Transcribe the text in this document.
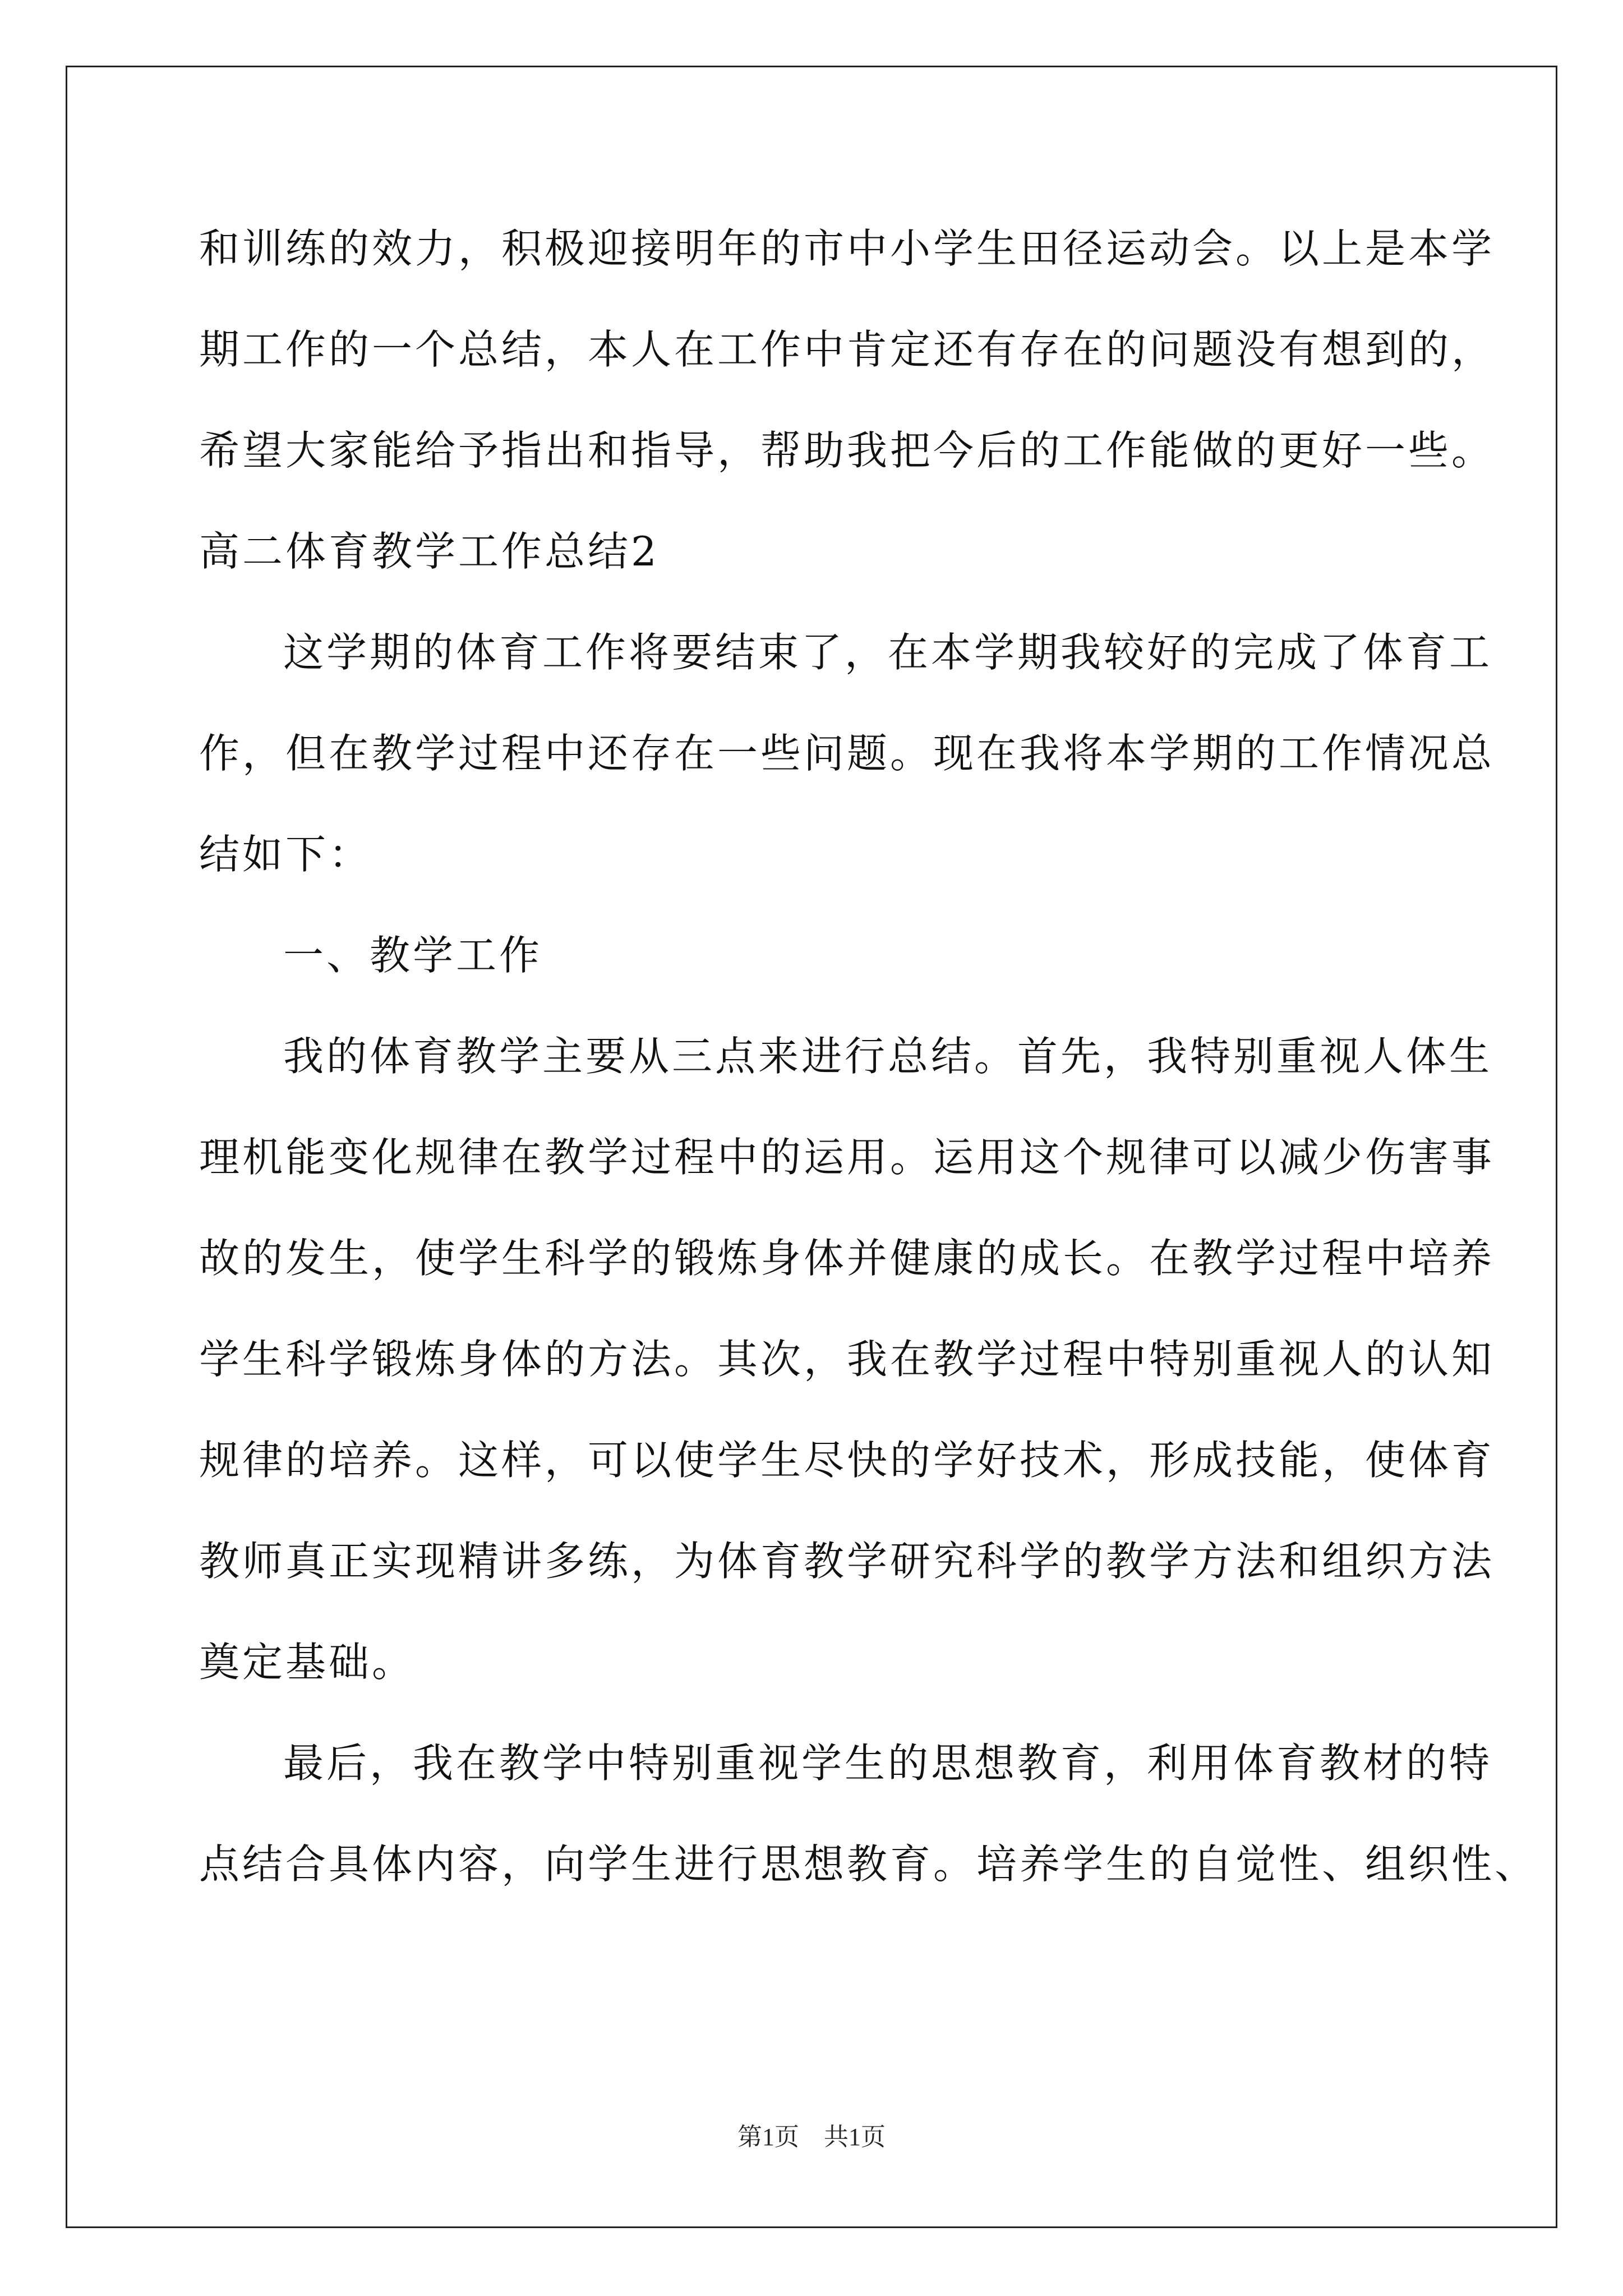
和训练的效力，积极迎接明年的市中小学生田径运动会。以上是本学
期工作的一个总结，本人在工作中肯定还有存在的问题没有想到的，
希望大家能给予指出和指导，帮助我把今后的工作能做的更好一些。
高二体育教学工作总结2
这学期的体育工作将要结束了，在本学期我较好的完成了体育工
作，但在教学过程中还存在一些问题。现在我将本学期的工作情况总
结如下：
一、教学工作
我的体育教学主要从三点来进行总结。首先，我特别重视人体生
理机能变化规律在教学过程中的运用。运用这个规律可以减少伤害事
故的发生，使学生科学的锻炼身体并健康的成长。在教学过程中培养
学生科学锻炼身体的方法。其次，我在教学过程中特别重视人的认知
规律的培养。这样，可以使学生尽快的学好技术，形成技能，使体育
教师真正实现精讲多练，为体育教学研究科学的教学方法和组织方法
奠定基础。
最后，我在教学中特别重视学生的思想教育，利用体育教材的特
点结合具体内容，向学生进行思想教育。培养学生的自觉性、组织性、
第1页　共1页
